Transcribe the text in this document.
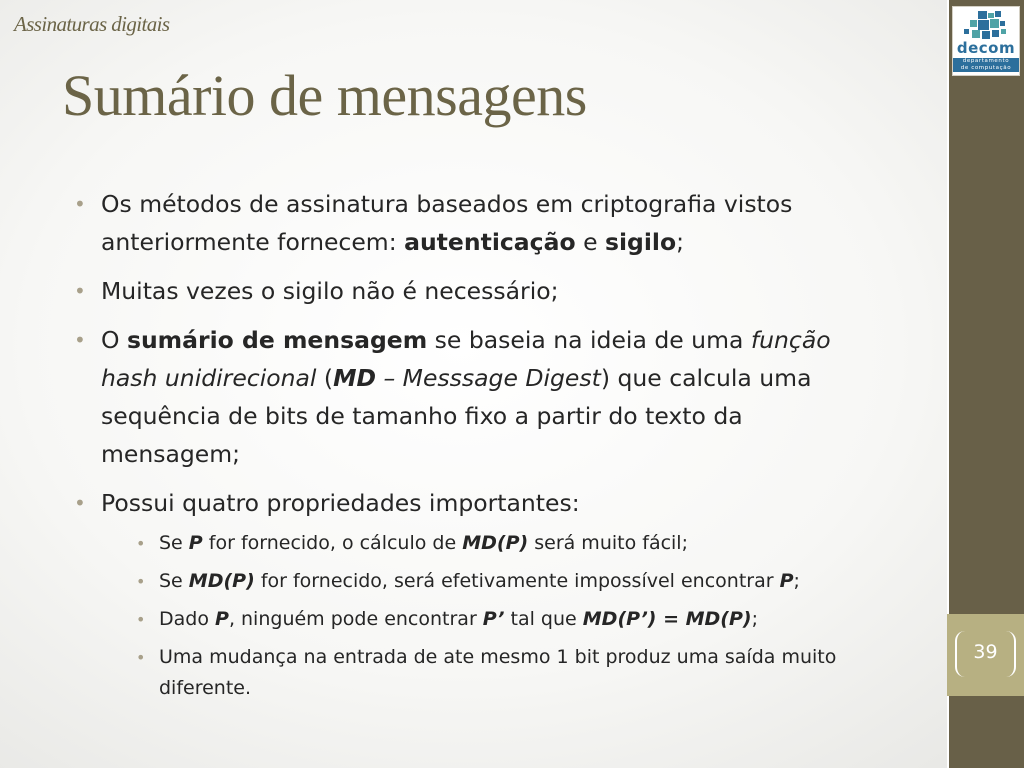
Assinaturas digitais
Sumário de mensagens
• Os métodos de assinatura baseados em criptografia vistos anteriormente fornecem: autenticação e sigilo;
• Muitas vezes o sigilo não é necessário;
• O sumário de mensagem se baseia na ideia de uma função hash unidirecional (MD – Messsage Digest) que calcula uma sequência de bits de tamanho fixo a partir do texto da mensagem;
• Possui quatro propriedades importantes:
• Se P for fornecido, o cálculo de MD(P) será muito fácil;
• Se MD(P) for fornecido, será efetivamente impossível encontrar P;
• Dado P, ninguém pode encontrar P’ tal que MD(P’) = MD(P);
• Uma mudança na entrada de ate mesmo 1 bit produz uma saída muito diferente.
decom
departamento
de computação
39
